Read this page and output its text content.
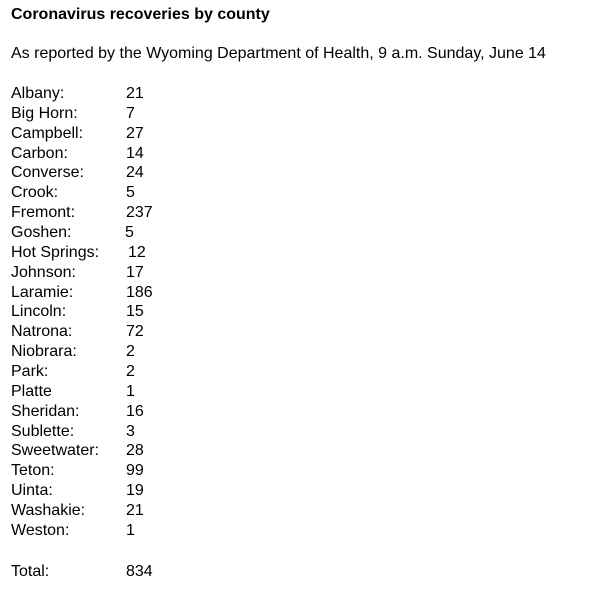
Coronavirus recoveries by county
As reported by the Wyoming Department of Health, 9 a.m. Sunday, June 14
Albany:	21
Big Horn:	7
Campbell:	27
Carbon:	14
Converse:	24
Crook:	5
Fremont:	237
Goshen:	5
Hot Springs: 12
Johnson:	17
Laramie:	186
Lincoln:	15
Natrona:	72
Niobrara:	2
Park:	2
Platte	1
Sheridan:	16
Sublette:	3
Sweetwater: 28
Teton:	99
Uinta:	19
Washakie:	21
Weston:	1
Total:	834
